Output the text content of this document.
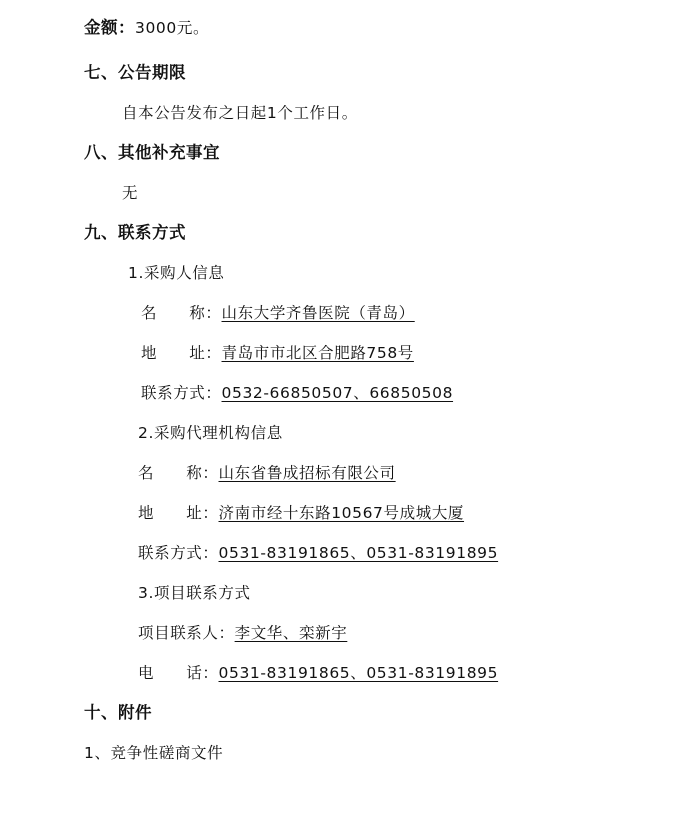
金额：3000元。
七、公告期限
自本公告发布之日起1个工作日。
八、其他补充事宜
无
九、联系方式
1.采购人信息
名　　称：山东大学齐鲁医院（青岛）
地　　址：青岛市市北区合肥路758号
联系方式：0532-66850507、66850508
2.采购代理机构信息
名　　称：山东省鲁成招标有限公司
地　　址：济南市经十东路10567号成城大厦
联系方式：0531-83191865、0531-83191895
3.项目联系方式
项目联系人：李文华、栾新宇
电　　话：0531-83191865、0531-83191895
十、附件
1、竞争性磋商文件
